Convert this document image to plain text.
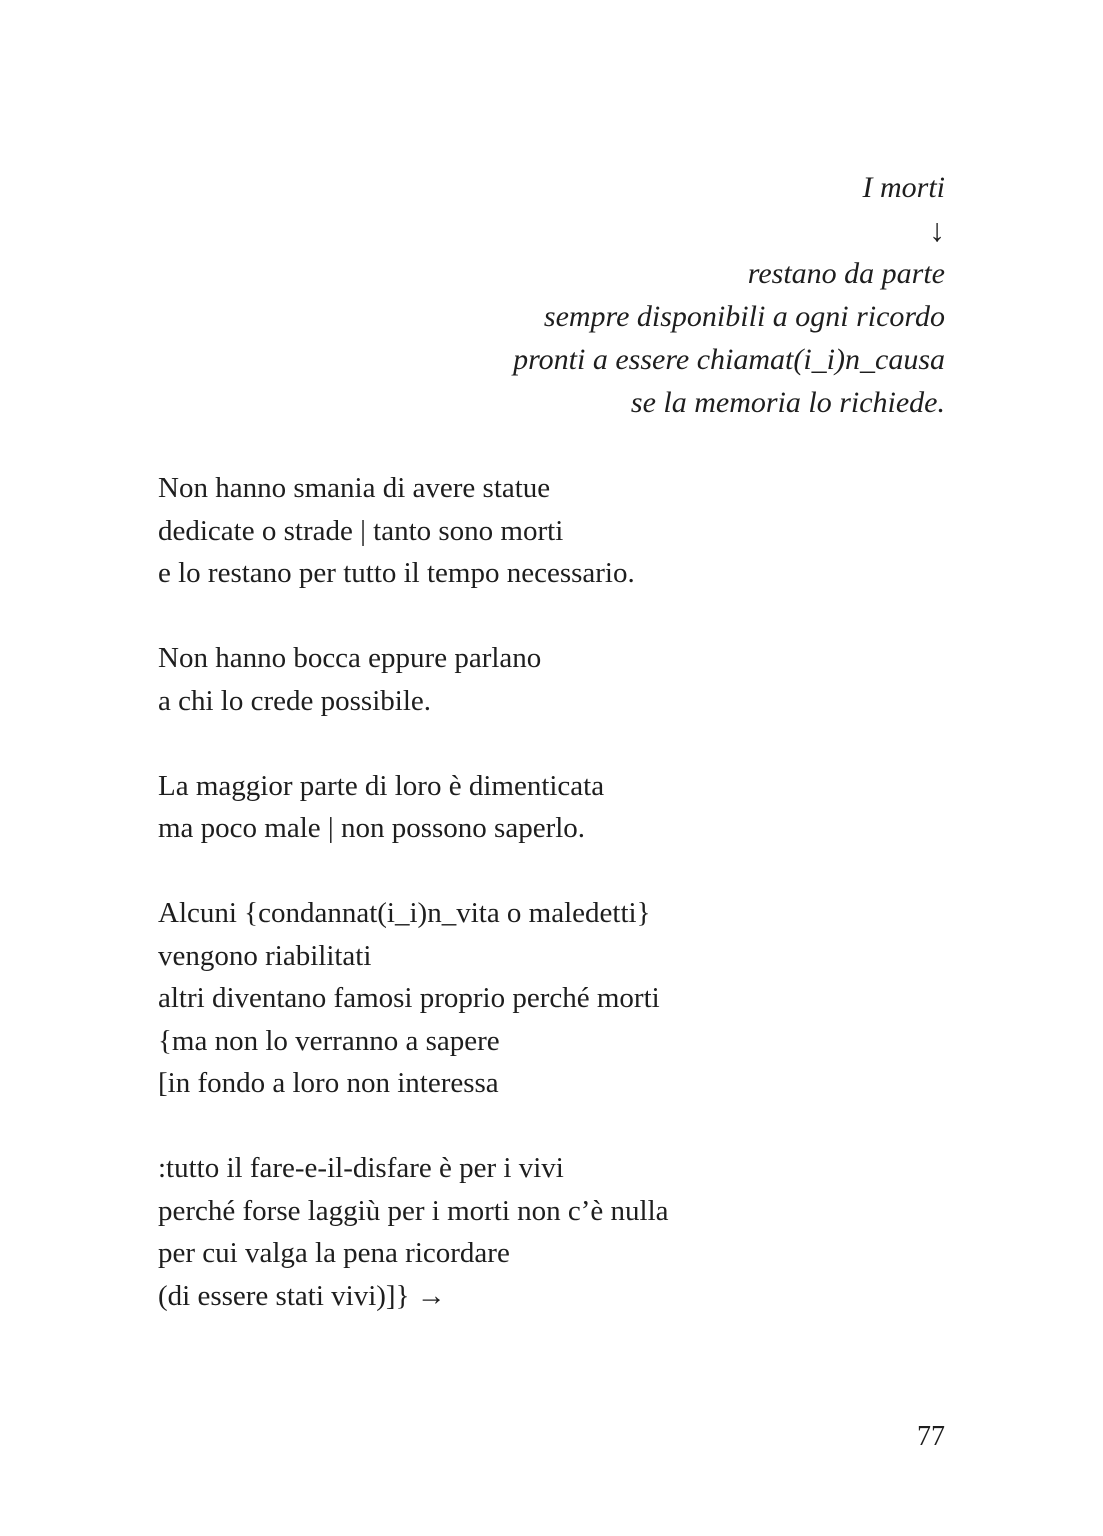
I morti
↓
restano da parte
sempre disponibili a ogni ricordo
pronti a essere chiamat(i_i)n_causa
se la memoria lo richiede.
Non hanno smania di avere statue
dedicate o strade | tanto sono morti
e lo restano per tutto il tempo necessario.
Non hanno bocca eppure parlano
a chi lo crede possibile.
La maggior parte di loro è dimenticata
ma poco male | non possono saperlo.
Alcuni {condannat(i_i)n_vita o maledetti}
vengono riabilitati
altri diventano famosi proprio perché morti
{ma non lo verranno a sapere
[in fondo a loro non interessa
:tutto il fare-e-il-disfare è per i vivi
perché forse laggiù per i morti non c’è nulla
per cui valga la pena ricordare
(di essere stati vivi)]} →
77
